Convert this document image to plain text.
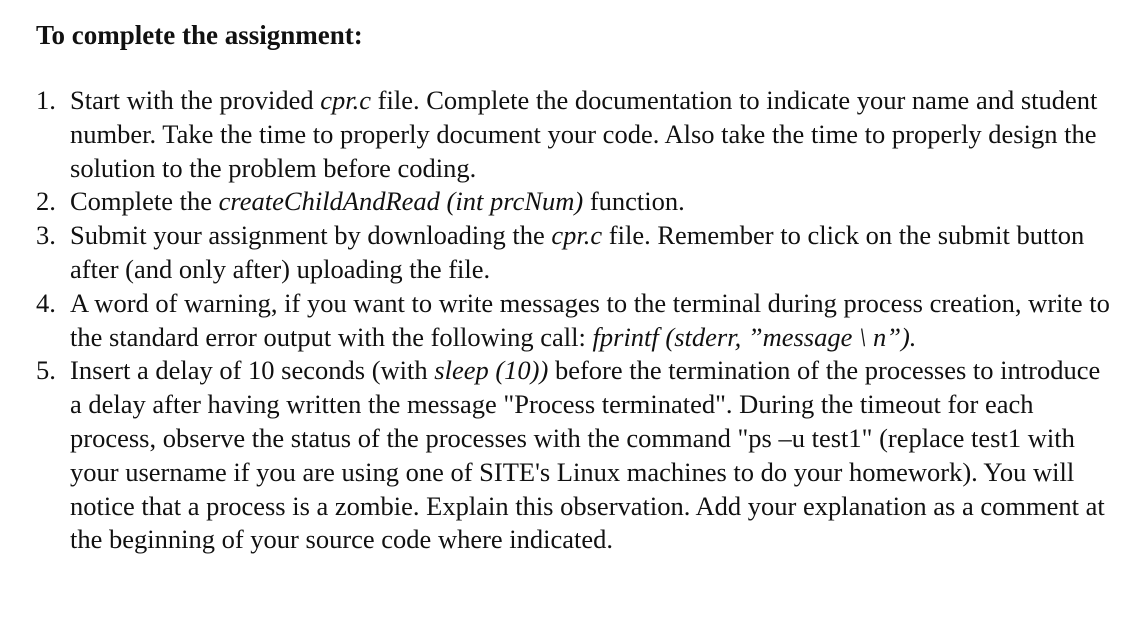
To complete the assignment:
1. Start with the provided cpr.c file. Complete the documentation to indicate your name and student number. Take the time to properly document your code. Also take the time to properly design the solution to the problem before coding.
2. Complete the createChildAndRead (int prcNum) function.
3. Submit your assignment by downloading the cpr.c file. Remember to click on the submit button after (and only after) uploading the file.
4. A word of warning, if you want to write messages to the terminal during process creation, write to the standard error output with the following call: fprintf (stderr, ”message \ n”).
5. Insert a delay of 10 seconds (with sleep (10)) before the termination of the processes to introduce a delay after having written the message "Process terminated". During the timeout for each process, observe the status of the processes with the command "ps –u test1" (replace test1 with your username if you are using one of SITE's Linux machines to do your homework). You will notice that a process is a zombie. Explain this observation. Add your explanation as a comment at the beginning of your source code where indicated.
